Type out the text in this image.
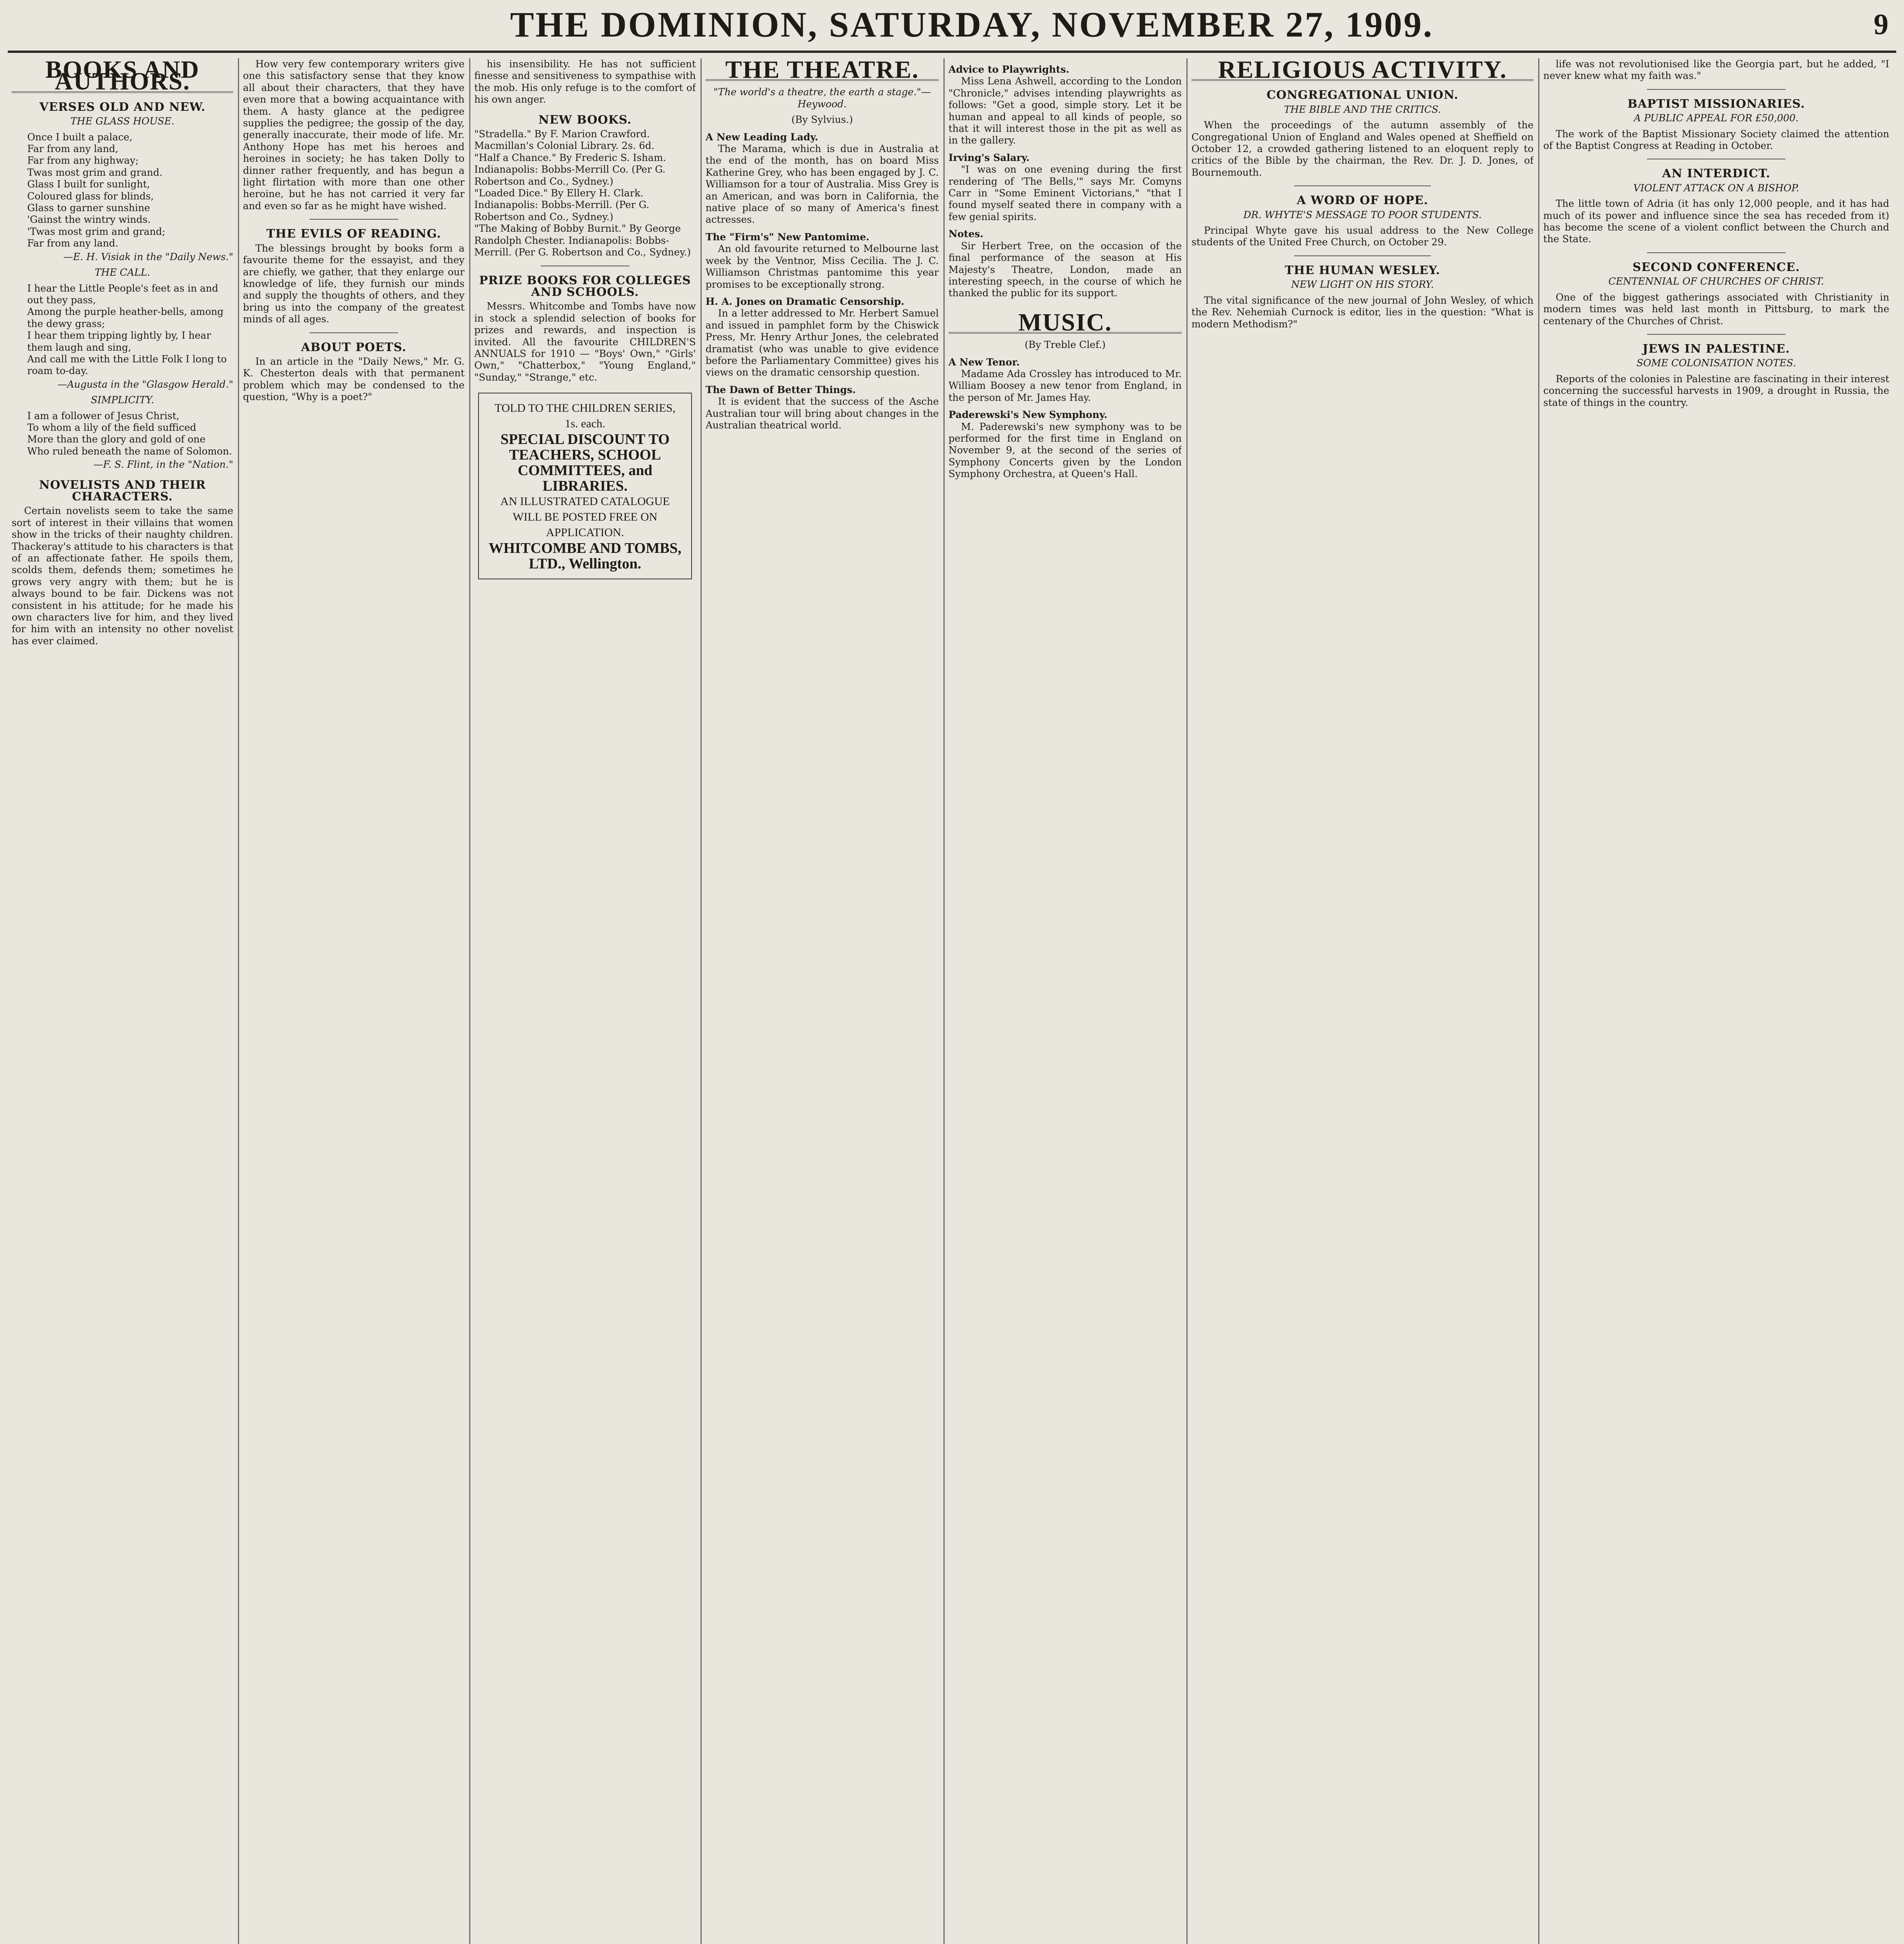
THE DOMINION, SATURDAY, NOVEMBER 27, 1909.	9
BOOKS AND AUTHORS.
VERSES OLD AND NEW.
THE GLASS HOUSE.
Once I built a palace,
Far from any land,
Far from any highway;
Twas most grim and grand.
Glass I built for sunlight,
Coloured glass for blinds,
Glass to garner sunshine
'Gainst the wintry winds.
'Twas most grim and grand;
Far from any land.
—E. H. Visiak in the "Daily News."
THE CALL.
I hear the Little People's feet as in and out they pass,
Among the purple heather-bells, among the dewy grass;
I hear them tripping lightly by, I hear them laugh and sing,
And call me with the Little Folk I long to roam to-day.
—Augusta in the "Glasgow Herald."
SIMPLICITY.
I am a follower of Jesus Christ,
To whom a lily of the field sufficed
More than the glory and gold of one
Who ruled beneath the name of Solomon.
—F. S. Flint, in the "Nation."
NOVELISTS AND THEIR CHARACTERS.

Certain novelists seem to take the same sort of interest in their villains that women show in the tricks of their naughty children. Thackeray's attitude to his characters is that of an affectionate father. He spoils them, scolds them, defends them; sometimes he grows very angry with them; but he is always bound to be fair. Dickens was not consistent in his attitude; for he made his own characters live for him, and they lived for him with an intensity no other novelist has ever claimed.

How very few contemporary writers give one this satisfactory sense that they know all about their characters, that they have even more that a bowing acquaintance with them. A hasty glance at the pedigree supplies the pedigree; the gossip of the day, generally inaccurate, their mode of life. Mr. Anthony Hope has met his heroes and heroines in society; he has taken Dolly to dinner rather frequently, and has begun a light flirtation with more than one other heroine, but he has not carried it very far and even so far as he might have wished.

THE EVILS OF READING.

The blessings brought by books form a favourite theme for the essayist, and they are chiefly, we gather, that they enlarge our knowledge of life, they furnish our minds and supply the thoughts of others, and they bring us into the company of the greatest minds of all ages.

ABOUT POETS.

In an article in the "Daily News," Mr. G. K. Chesterton deals with that permanent problem which may be condensed to the question, "Why is a poet?"

his insensibility. He has not sufficient finesse and sensitiveness to sympathise with the mob. His only refuge is to the comfort of his own anger.

NEW BOOKS.
"Stradella." By F. Marion Crawford. Macmillan's Colonial Library. 2s. 6d.
"Half a Chance." By Frederic S. Isham. Indianapolis: Bobbs-Merrill Co. (Per G. Robertson and Co., Sydney.)
"Loaded Dice." By Ellery H. Clark. Indianapolis: Bobbs-Merrill. (Per G. Robertson and Co., Sydney.)
"The Making of Bobby Burnit." By George Randolph Chester. Indianapolis: Bobbs-Merrill. (Per G. Robertson and Co., Sydney.)
PRIZE BOOKS FOR COLLEGES AND SCHOOLS.

Messrs. Whitcombe and Tombs have now in stock a splendid selection of books for prizes and rewards, and inspection is invited. All the favourite CHILDREN'S ANNUALS for 1910 — "Boys' Own," "Girls' Own," "Chatterbox," "Young England," "Sunday," "Strange," etc.

TOLD TO THE CHILDREN SERIES, 1s. each.
SPECIAL DISCOUNT TO TEACHERS, SCHOOL COMMITTEES, and LIBRARIES.
AN ILLUSTRATED CATALOGUE WILL BE POSTED FREE ON APPLICATION.
WHITCOMBE AND TOMBS, LTD., Wellington.
THE THEATRE.
"The world's a theatre, the earth a stage."—Heywood.
(By Sylvius.)
A New Leading Lady.

The Marama, which is due in Australia at the end of the month, has on board Miss Katherine Grey, who has been engaged by J. C. Williamson for a tour of Australia. Miss Grey is an American, and was born in California, the native place of so many of America's finest actresses.

The "Firm's" New Pantomime.

An old favourite returned to Melbourne last week by the Ventnor, Miss Cecilia. The J. C. Williamson Christmas pantomime this year promises to be exceptionally strong.

H. A. Jones on Dramatic Censorship.

In a letter addressed to Mr. Herbert Samuel and issued in pamphlet form by the Chiswick Press, Mr. Henry Arthur Jones, the celebrated dramatist (who was unable to give evidence before the Parliamentary Committee) gives his views on the dramatic censorship question.

The Dawn of Better Things.

It is evident that the success of the Asche Australian tour will bring about changes in the Australian theatrical world.

Advice to Playwrights.

Miss Lena Ashwell, according to the London "Chronicle," advises intending playwrights as follows: "Get a good, simple story. Let it be human and appeal to all kinds of people, so that it will interest those in the pit as well as in the gallery.

Irving's Salary.

"I was on one evening during the first rendering of 'The Bells,'" says Mr. Comyns Carr in "Some Eminent Victorians," "that I found myself seated there in company with a few genial spirits.

Notes.

Sir Herbert Tree, on the occasion of the final performance of the season at His Majesty's Theatre, London, made an interesting speech, in the course of which he thanked the public for its support.

MUSIC.
(By Treble Clef.)
A New Tenor.

Madame Ada Crossley has introduced to Mr. William Boosey a new tenor from England, in the person of Mr. James Hay.

Paderewski's New Symphony.

M. Paderewski's new symphony was to be performed for the first time in England on November 9, at the second of the series of Symphony Concerts given by the London Symphony Orchestra, at Queen's Hall.

RELIGIOUS ACTIVITY.
CONGREGATIONAL UNION.
THE BIBLE AND THE CRITICS.

When the proceedings of the autumn assembly of the Congregational Union of England and Wales opened at Sheffield on October 12, a crowded gathering listened to an eloquent reply to critics of the Bible by the chairman, the Rev. Dr. J. D. Jones, of Bournemouth.

A WORD OF HOPE.
DR. WHYTE'S MESSAGE TO POOR STUDENTS.

Principal Whyte gave his usual address to the New College students of the United Free Church, on October 29.

THE HUMAN WESLEY.
NEW LIGHT ON HIS STORY.

The vital significance of the new journal of John Wesley, of which the Rev. Nehemiah Curnock is editor, lies in the question: "What is modern Methodism?"

life was not revolutionised like the Georgia part, but he added, "I never knew what my faith was."

BAPTIST MISSIONARIES.
A PUBLIC APPEAL FOR £50,000.

The work of the Baptist Missionary Society claimed the attention of the Baptist Congress at Reading in October.

AN INTERDICT.
VIOLENT ATTACK ON A BISHOP.

The little town of Adria (it has only 12,000 people, and it has had much of its power and influence since the sea has receded from it) has become the scene of a violent conflict between the Church and the State.

SECOND CONFERENCE.
CENTENNIAL OF CHURCHES OF CHRIST.

One of the biggest gatherings associated with Christianity in modern times was held last month in Pittsburg, to mark the centenary of the Churches of Christ.

JEWS IN PALESTINE.
SOME COLONISATION NOTES.

Reports of the colonies in Palestine are fascinating in their interest concerning the successful harvests in 1909, a drought in Russia, the state of things in the country.
